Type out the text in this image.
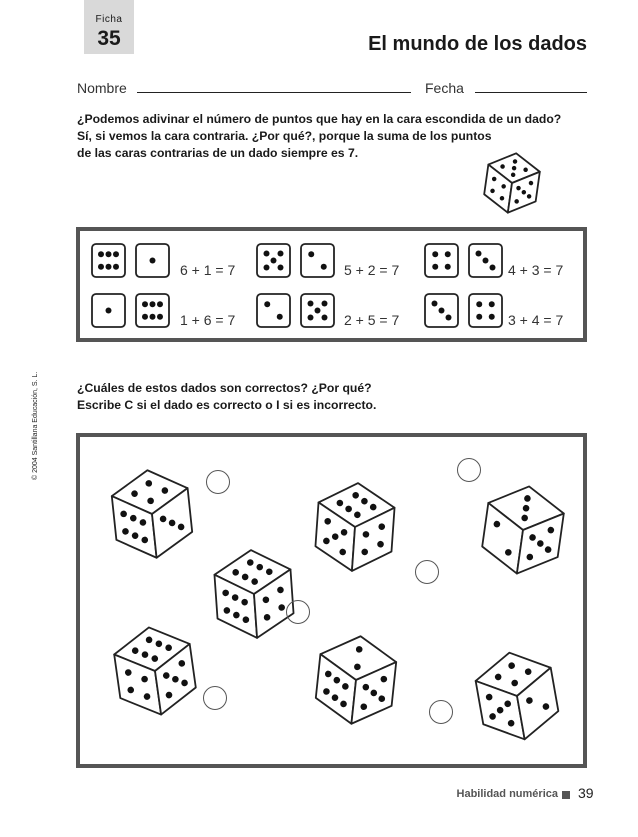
Ficha
35	El mundo de los dados
Nombre	Fecha
¿Podemos adivinar el número de puntos que hay en la cara escondida de un dado?
Sí, si vemos la cara contraria. ¿Por qué?, porque la suma de los puntos
de las caras contrarias de un dado siempre es 7.
6 + 1 = 7	5 + 2 = 7	4 + 3 = 7
1 + 6 = 7	2 + 5 = 7	3 + 4 = 7
¿Cuáles de estos dados son correctos? ¿Por qué?
Escribe C si el dado es correcto o I si es incorrecto.
© 2004 Santillana Educación, S. L.
Habilidad numérica 39
